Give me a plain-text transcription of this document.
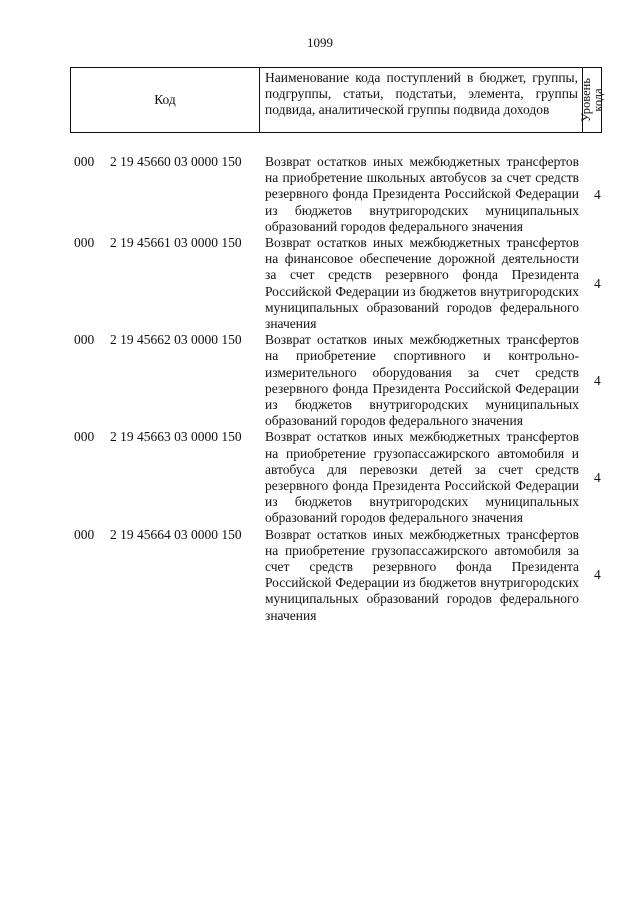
1099
Код
Наименование кода поступлений в бюджет, группы, подгруппы, статьи, подстатьи, элемента, группы подвида, аналитической группы подвида доходов	Уровень
кода
000 2 19 45660 03 0000 150 Возврат остатков иных межбюджетных трансфертов на приобретение школьных автобусов за счет средств резервного фонда Президента Российской Федерации из бюджетов внутригородских муниципальных образований городов федерального значения
4
000 2 19 45661 03 0000 150 Возврат остатков иных межбюджетных трансфертов на финансовое обеспечение дорожной деятельности за счет средств резервного фонда Президента Российской Федерации из бюджетов внутригородских муниципальных образований городов федерального значения
4
000 2 19 45662 03 0000 150 Возврат остатков иных межбюджетных трансфертов на приобретение спортивного и контрольно-измерительного оборудования за счет средств резервного фонда Президента Российской Федерации из бюджетов внутригородских муниципальных образований городов федерального значения
4
000 2 19 45663 03 0000 150 Возврат остатков иных межбюджетных трансфертов на приобретение грузопассажирского автомобиля и автобуса для перевозки детей за счет средств резервного фонда Президента Российской Федерации из бюджетов внутригородских муниципальных образований городов федерального значения
4
000 2 19 45664 03 0000 150 Возврат остатков иных межбюджетных трансфертов на приобретение грузопассажирского автомобиля за счет средств резервного фонда Президента Российской Федерации из бюджетов внутригородских муниципальных образований городов федерального значения
4
